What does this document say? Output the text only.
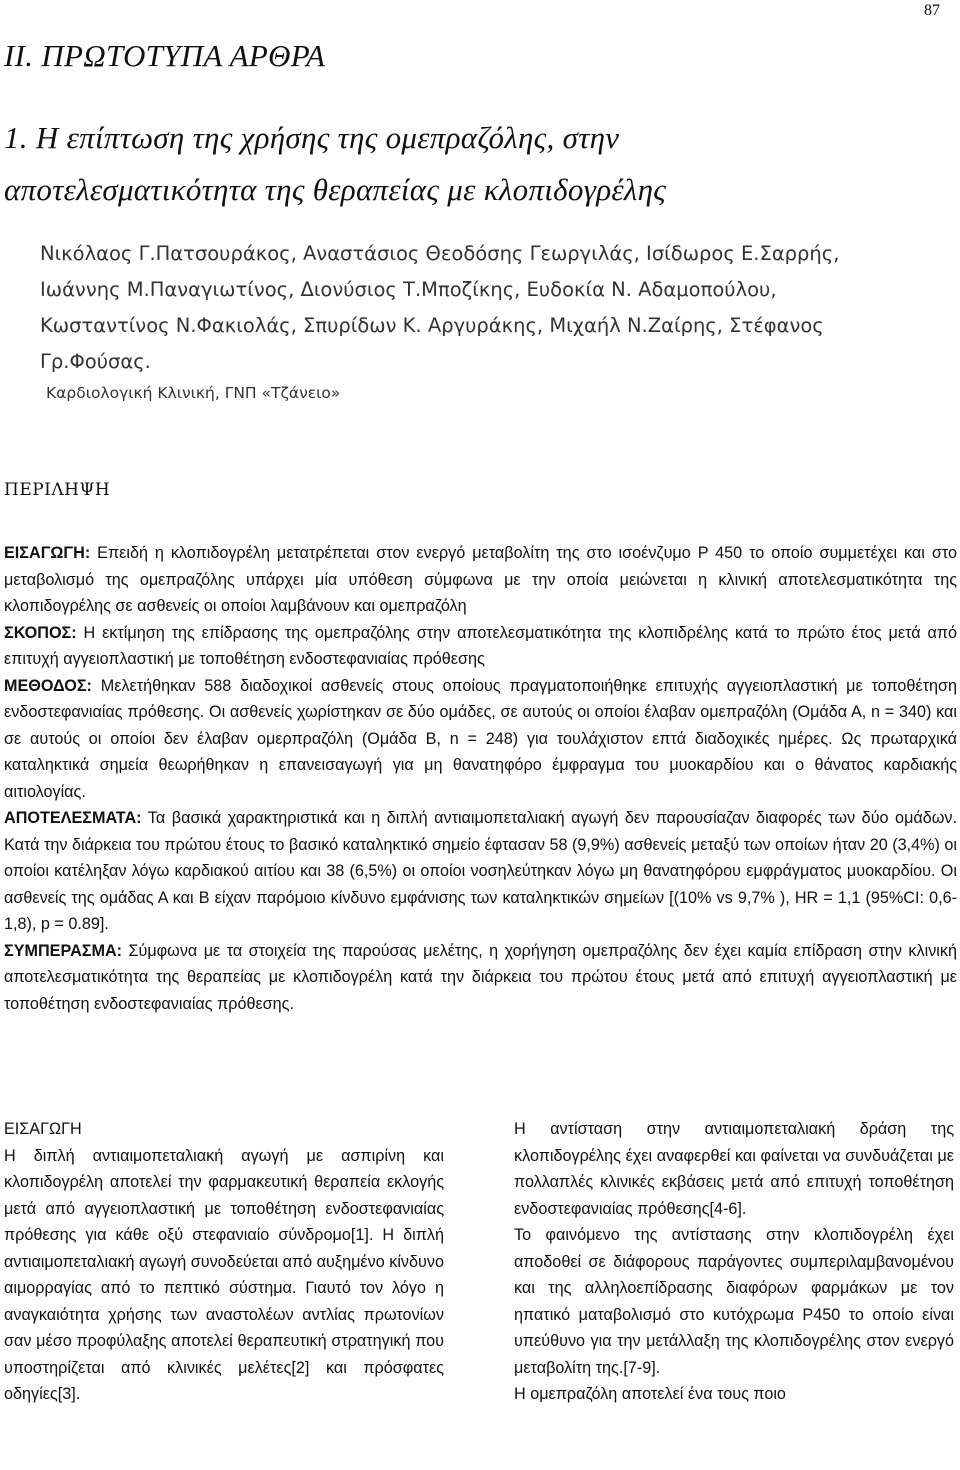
87
II. ΠΡΩΤΟΤΥΠΑ ΑΡΘΡΑ
1. Η επίπτωση της χρήσης της ομεπραζόλης, στην
αποτελεσματικότητα της θεραπείας με κλοπιδογρέλης
Νικόλαος Γ.Πατσουράκος, Αναστάσιος Θεοδόσης Γεωργιλάς, Ισίδωρος Ε.Σαρρής,
Ιωάννης Μ.Παναγιωτίνος, Διονύσιος Τ.Μποζίκης, Ευδοκία Ν. Αδαμοπούλου,
Κωσταντίνος Ν.Φακιολάς, Σπυρίδων Κ. Αργυράκης, Μιχαήλ Ν.Ζαίρης, Στέφανος
Γρ.Φούσας.
Καρδιολογική Κλινική, ΓΝΠ «Τζάνειο»
ΠΕΡΙΛΗΨΗ

ΕΙΣΑΓΩΓΗ: Επειδή η κλοπιδογρέλη μετατρέπεται στον ενεργό μεταβολίτη της στο ισοένζυμο P 450 το οποίο συμμετέχει και στο μεταβολισμό της ομεπραζόλης υπάρχει μία υπόθεση σύμφωνα με την οποία μειώνεται η κλινική αποτελεσματικότητα της κλοπιδογρέλης σε ασθενείς οι οποίοι λαμβάνουν και ομεπραζόλη

ΣΚΟΠΟΣ: Η εκτίμηση της επίδρασης της ομεπραζόλης στην αποτελεσματικότητα της κλοπιδρέλης κατά το πρώτο έτος μετά από επιτυχή αγγειοπλαστική με τοποθέτηση ενδοστεφανιαίας πρόθεσης

ΜΕΘΟΔΟΣ: Μελετήθηκαν 588 διαδοχικοί ασθενείς στους οποίους πραγματοποιήθηκε επιτυχής αγγειοπλαστική με τοποθέτηση ενδοστεφανιαίας πρόθεσης. Οι ασθενείς χωρίστηκαν σε δύο ομάδες, σε αυτούς οι οποίοι έλαβαν ομεπραζόλη (Ομάδα Α, n = 340) και σε αυτούς οι οποίοι δεν έλαβαν ομερπραζόλη (Ομάδα Β, n = 248) για τουλάχιστον επτά διαδοχικές ημέρες. Ως πρωταρχικά καταληκτικά σημεία θεωρήθηκαν η επανεισαγωγή για μη θανατηφόρο έμφραγμα του μυοκαρδίου και ο θάνατος καρδιακής αιτιολογίας.

ΑΠΟΤΕΛΕΣΜΑΤΑ: Τα βασικά χαρακτηριστικά και η διπλή αντιαιμοπεταλιακή αγωγή δεν παρουσίαζαν διαφορές των δύο ομάδων. Κατά την διάρκεια του πρώτου έτους το βασικό καταληκτικό σημείο έφτασαν 58 (9,9%) ασθενείς μεταξύ των οποίων ήταν 20 (3,4%) οι οποίοι κατέληξαν λόγω καρδιακού αιτίου και 38 (6,5%) οι οποίοι νοσηλεύτηκαν λόγω μη θανατηφόρου εμφράγματος μυοκαρδίου. Οι ασθενείς της ομάδας Α και Β είχαν παρόμοιο κίνδυνο εμφάνισης των καταληκτικών σημείων [(10% vs 9,7% ), HR = 1,1 (95%CI: 0,6-1,8), p = 0.89].

ΣΥΜΠΕΡΑΣΜΑ: Σύμφωνα με τα στοιχεία της παρούσας μελέτης, η χορήγηση ομεπραζόλης δεν έχει καμία επίδραση στην κλινική αποτελεσματικότητα της θεραπείας με κλοπιδογρέλη κατά την διάρκεια του πρώτου έτους μετά από επιτυχή αγγειοπλαστική με τοποθέτηση ενδοστεφανιαίας πρόθεσης.

ΕΙΣΑΓΩΓΗ

Η διπλή αντιαιμοπεταλιακή αγωγή με ασπιρίνη και κλοπιδογρέλη αποτελεί την φαρμακευτική θεραπεία εκλογής μετά από αγγειοπλαστική με τοποθέτηση ενδοστεφανιαίας πρόθεσης για κάθε οξύ στεφανιαίο σύνδρομο[1]. Η διπλή αντιαιμοπεταλιακή αγωγή συνοδεύεται από αυξημένο κίνδυνο αιμορραγίας από το πεπτικό σύστημα. Γιαυτό τον λόγο η αναγκαιότητα χρήσης των αναστολέων αντλίας πρωτονίων σαν μέσο προφύλαξης αποτελεί θεραπευτική στρατηγική που υποστηρίζεται από κλινικές μελέτες[2] και πρόσφατες οδηγίες[3].

Η αντίσταση στην αντιαιμοπεταλιακή δράση της κλοπιδογρέλης έχει αναφερθεί και φαίνεται να συνδυάζεται με πολλαπλές κλινικές εκβάσεις μετά από επιτυχή τοποθέτηση ενδοστεφανιαίας πρόθεσης[4-6].

Το φαινόμενο της αντίστασης στην κλοπιδογρέλη έχει αποδοθεί σε διάφορους παράγοντες συμπεριλαμβανομένου και της αλληλοεπίδρασης διαφόρων φαρμάκων με τον ηπατικό ματαβολισμό στο κυτόχρωμα P450 το οποίο είναι υπεύθυνο για την μετάλλαξη της κλοπιδογρέλης στον ενεργό μεταβολίτη της.[7-9].

Η ομεπραζόλη αποτελεί ένα τους ποιο
